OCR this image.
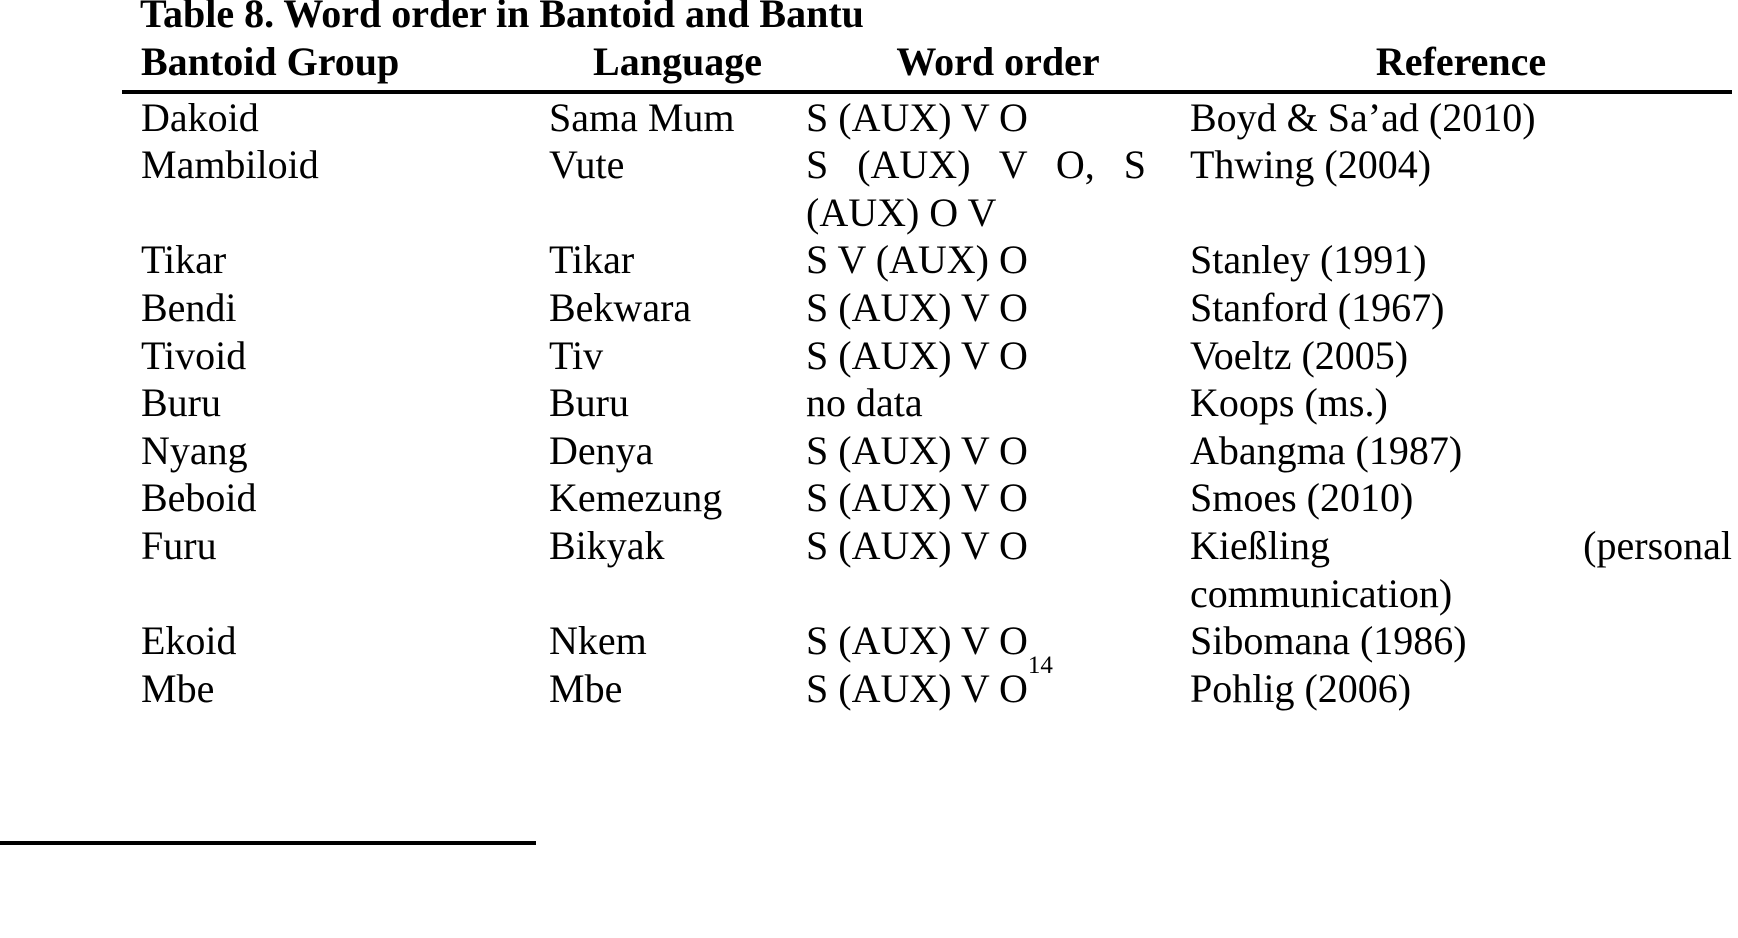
Table 8. Word order in Bantoid and Bantu
Bantoid Group	Language	Word order	Reference
Dakoid	Sama Mum	S (AUX) V O	Boyd & Sa’ad (2010)
Mambiloid	Vute	S (AUX) V O, S (AUX) O V	Thwing (2004)
Tikar	Tikar	S V (AUX) O	Stanley (1991)
Bendi	Bekwara	S (AUX) V O	Stanford (1967)
Tivoid	Tiv	S (AUX) V O	Voeltz (2005)
Buru	Buru	no data	Koops (ms.)
Nyang	Denya	S (AUX) V O	Abangma (1987)
Beboid	Kemezung	S (AUX) V O	Smoes (2010)
Furu	Bikyak	S (AUX) V O	Kießling (personal communication)
Ekoid	Nkem	S (AUX) V O	Sibomana (1986)
Mbe	Mbe	S (AUX) V O$^{14}$	Pohlig (2006)
